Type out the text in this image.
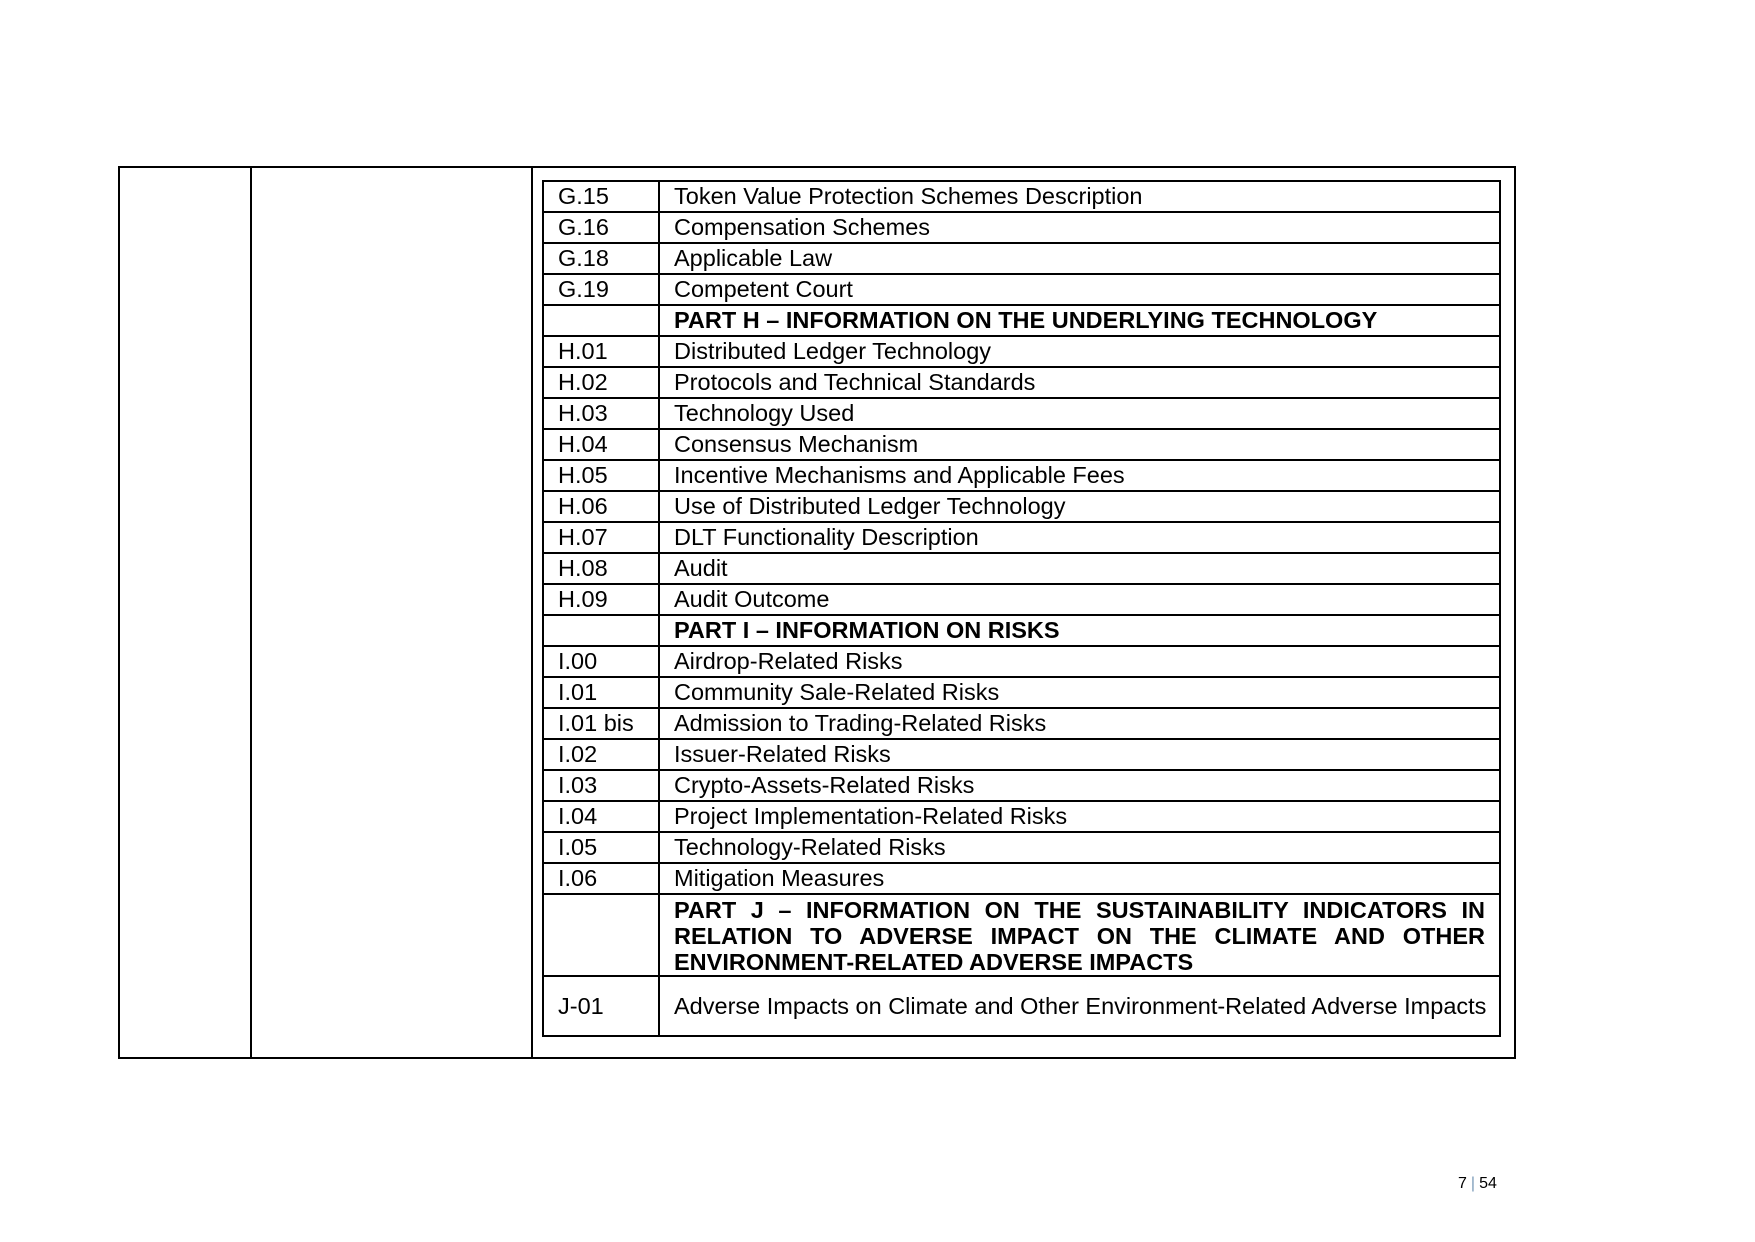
G.15	Token Value Protection Schemes Description
G.16	Compensation Schemes
G.18	Applicable Law
G.19	Competent Court
	PART H – INFORMATION ON THE UNDERLYING TECHNOLOGY
H.01	Distributed Ledger Technology
H.02	Protocols and Technical Standards
H.03	Technology Used
H.04	Consensus Mechanism
H.05	Incentive Mechanisms and Applicable Fees
H.06	Use of Distributed Ledger Technology
H.07	DLT Functionality Description
H.08	Audit
H.09	Audit Outcome
	PART I – INFORMATION ON RISKS
I.00	Airdrop-Related Risks
I.01	Community Sale-Related Risks
I.01 bis	Admission to Trading-Related Risks
I.02	Issuer-Related Risks
I.03	Crypto-Assets-Related Risks
I.04	Project Implementation-Related Risks
I.05	Technology-Related Risks
I.06	Mitigation Measures
	PART J – INFORMATION ON THE SUSTAINABILITY INDICATORS IN RELATION TO ADVERSE IMPACT ON THE CLIMATE AND OTHER ENVIRONMENT-RELATED ADVERSE IMPACTS
J-01	Adverse Impacts on Climate and Other Environment-Related Adverse Impacts
7 | 54
